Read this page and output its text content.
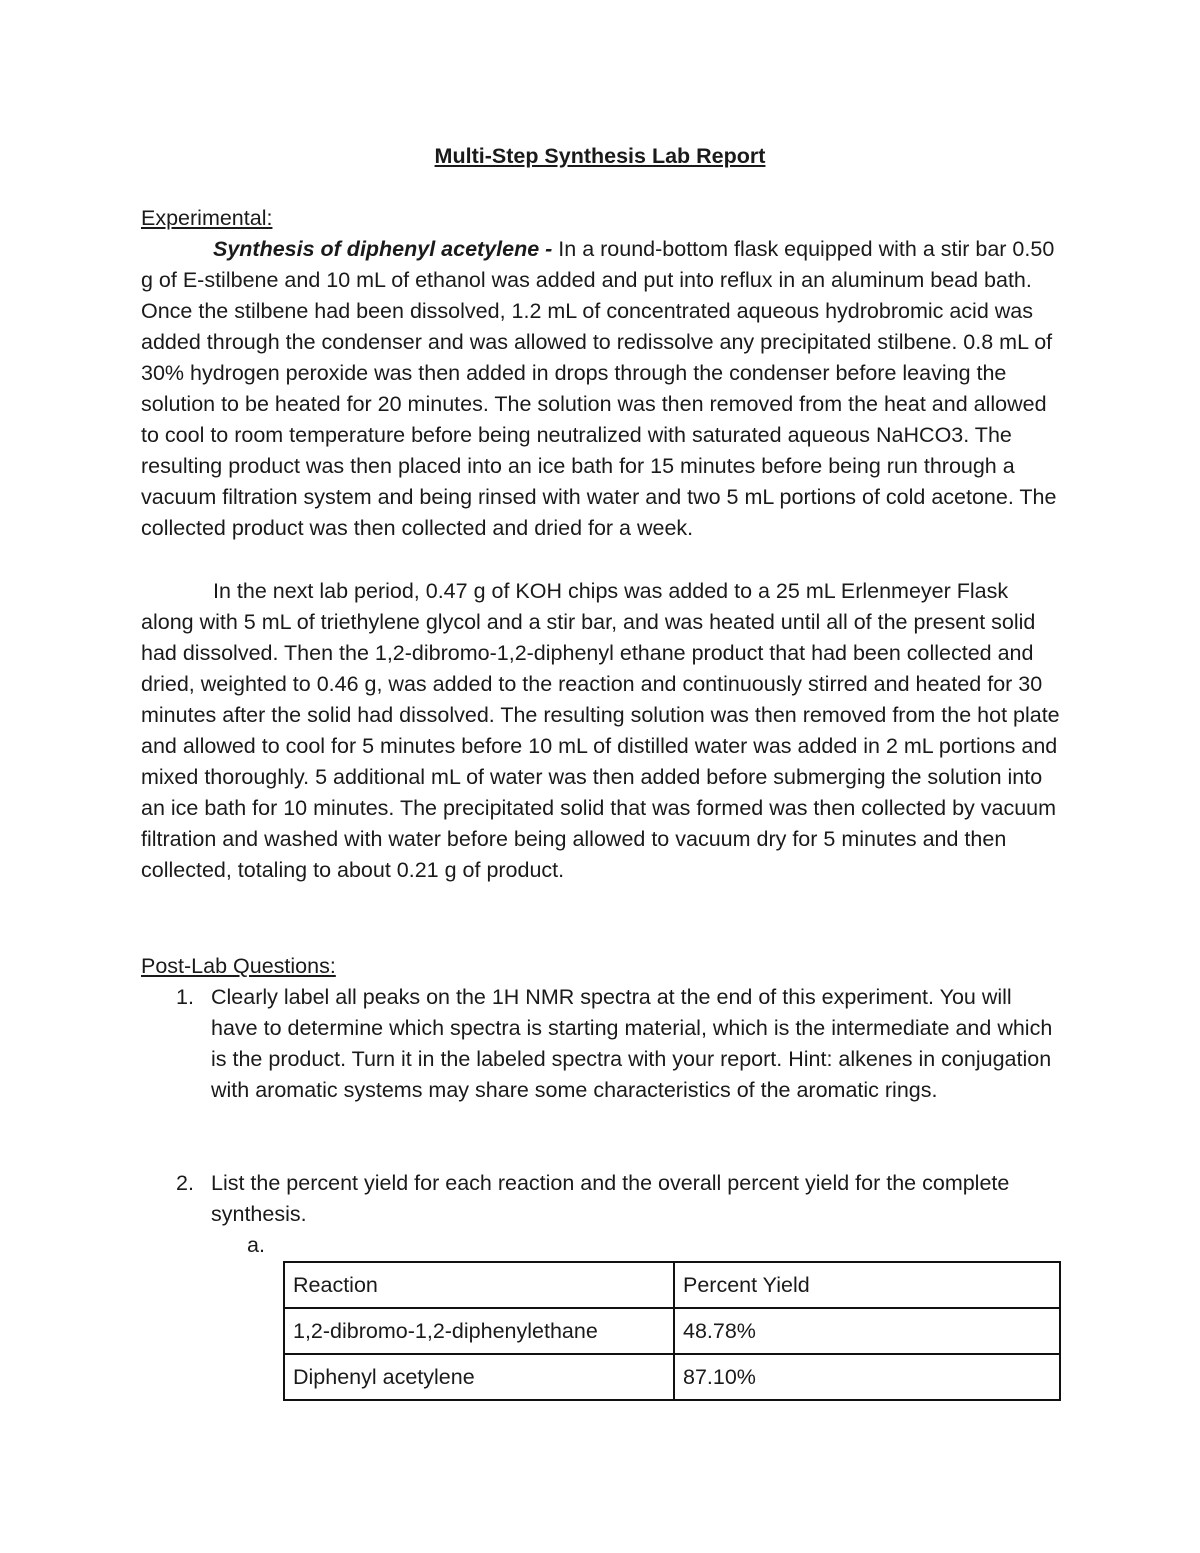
Multi-Step Synthesis Lab Report
Experimental:

Synthesis of diphenyl acetylene - In a round-bottom flask equipped with a stir bar 0.50 g of E-stilbene and 10 mL of ethanol was added and put into reflux in an aluminum bead bath. Once the stilbene had been dissolved, 1.2 mL of concentrated aqueous hydrobromic acid was added through the condenser and was allowed to redissolve any precipitated stilbene. 0.8 mL of 30% hydrogen peroxide was then added in drops through the condenser before leaving the solution to be heated for 20 minutes. The solution was then removed from the heat and allowed to cool to room temperature before being neutralized with saturated aqueous NaHCO3. The resulting product was then placed into an ice bath for 15 minutes before being run through a vacuum filtration system and being rinsed with water and two 5 mL portions of cold acetone. The collected product was then collected and dried for a week.

In the next lab period, 0.47 g of KOH chips was added to a 25 mL Erlenmeyer Flask along with 5 mL of triethylene glycol and a stir bar, and was heated until all of the present solid had dissolved. Then the 1,2-dibromo-1,2-diphenyl ethane product that had been collected and dried, weighted to 0.46 g, was added to the reaction and continuously stirred and heated for 30 minutes after the solid had dissolved. The resulting solution was then removed from the hot plate and allowed to cool for 5 minutes before 10 mL of distilled water was added in 2 mL portions and mixed thoroughly. 5 additional mL of water was then added before submerging the solution into an ice bath for 10 minutes. The precipitated solid that was formed was then collected by vacuum filtration and washed with water before being allowed to vacuum dry for 5 minutes and then collected, totaling to about 0.21 g of product.

Post-Lab Questions:
1. Clearly label all peaks on the 1H NMR spectra at the end of this experiment. You will have to determine which spectra is starting material, which is the intermediate and which is the product. Turn it in the labeled spectra with your report. Hint: alkenes in conjugation with aromatic systems may share some characteristics of the aromatic rings.

2. List the percent yield for each reaction and the overall percent yield for the complete synthesis.

a.
Reaction	Percent Yield
1,2-dibromo-1,2-diphenylethane	48.78%
Diphenyl acetylene	87.10%
